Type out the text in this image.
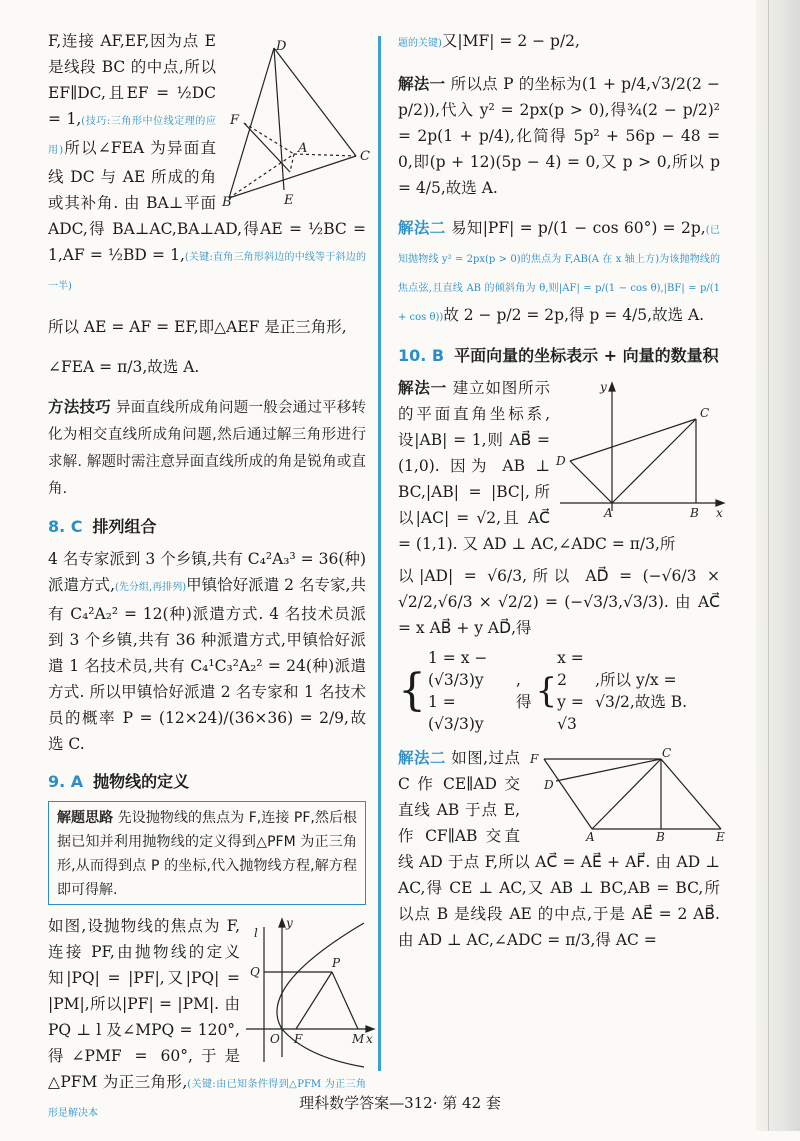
D
F
A
C
B	E

F,连接 AF,EF,因为点 E 是线段 BC 的中点,所以 EF∥DC,且EF = ½DC = 1,(技巧:三角形中位线定理的应用)所以∠FEA 为异面直线 DC 与 AE 所成的角或其补角. 由 BA⊥平面 ADC,得 BA⊥AC,BA⊥AD,得AE = ½BC = 1,AF = ½BD = 1,(关键:直角三角形斜边的中线等于斜边的一半)

所以 AE = AF = EF,即△AEF 是正三角形,

∠FEA = π/3,故选 A.

方法技巧 异面直线所成角问题一般会通过平移转化为相交直线所成角问题,然后通过解三角形进行求解. 解题时需注意异面直线所成的角是锐角或直角.

8. C 排列组合

4 名专家派到 3 个乡镇,共有 C₄²A₃³ = 36(种)派遣方式,(先分组,再排列)甲镇恰好派遣 2 名专家,共有 C₄²A₂² = 12(种)派遣方式. 4 名技术员派到 3 个乡镇,共有 36 种派遣方式,甲镇恰好派遣 1 名技术员,共有 C₄¹C₃²A₂² = 24(种)派遣方式. 所以甲镇恰好派遣 2 名专家和 1 名技术员的概率 P = (12×24)/(36×36) = 2/9,故选 C.

9. A 抛物线的定义

解题思路 先设抛物线的焦点为 F,连接 PF,然后根据已知并利用抛物线的定义得到△PFM 为正三角形,从而得到点 P 的坐标,代入抛物线方程,解方程即可得解.

y
l
Q
P
O F	M x

如图,设抛物线的焦点为 F,连接 PF,由抛物线的定义知|PQ| = |PF|,又|PQ| = |PM|,所以|PF| = |PM|. 由 PQ ⊥ l 及∠MPQ = 120°,得∠PMF = 60°,于是△PFM 为正三角形,(关键:由已知条件得到△PFM 为正三角形是解决本

题的关键)又|MF| = 2 − p/2,

解法一 所以点 P 的坐标为(1 + p/4,√3/2(2 − p/2)),代入 y² = 2px(p > 0),得¾(2 − p/2)² = 2p(1 + p/4),化简得 5p² + 56p − 48 = 0,即(p + 12)(5p − 4) = 0,又 p > 0,所以 p = 4/5,故选 A.

解法二 易知|PF| = p/(1 − cos 60°) = 2p,(已知抛物线 y² = 2px(p > 0)的焦点为 F,AB(A 在 x 轴上方)为该抛物线的焦点弦,且直线 AB 的倾斜角为 θ,则|AF| = p/(1 − cos θ),|BF| = p/(1 + cos θ))故 2 − p/2 = 2p,得 p = 4/5,故选 A.

10. B 平面向量的坐标表示 + 向量的数量积
y
C
D
A	B x

解法一 建立如图所示的平面直角坐标系,设|AB| = 1,则 AB⃗ = (1,0). 因为 AB ⊥ BC,|AB| = |BC|,所以|AC| = √2,且 AC⃗ = (1,1). 又 AD ⊥ AC,∠ADC = π/3,所

以|AD| = √6/3,所以 AD⃗ = (−√6/3 × √2/2,√6/3 × √2/2) = (−√3/3,√3/3). 由 AC⃗ = x AB⃗ + y AD⃗,得

{
1 = x − (√3/3)y
1 = (√3/3)y
,得 {
x = 2
y = √3
,所以 y/x = √3/2,故选 B.
F	C
D
A	B	E

解法二 如图,过点 C 作 CE∥AD 交直线 AB 于点 E,作 CF∥AB 交直线 AD 于点 F,所以 AC⃗ = AE⃗ + AF⃗. 由 AD ⊥ AC,得 CE ⊥ AC,又 AB ⊥ BC,AB = BC,所以点 B 是线段 AE 的中点,于是 AE⃗ = 2 AB⃗. 由 AD ⊥ AC,∠ADC = π/3,得 AC =

理科数学答案—312· 第 42 套
